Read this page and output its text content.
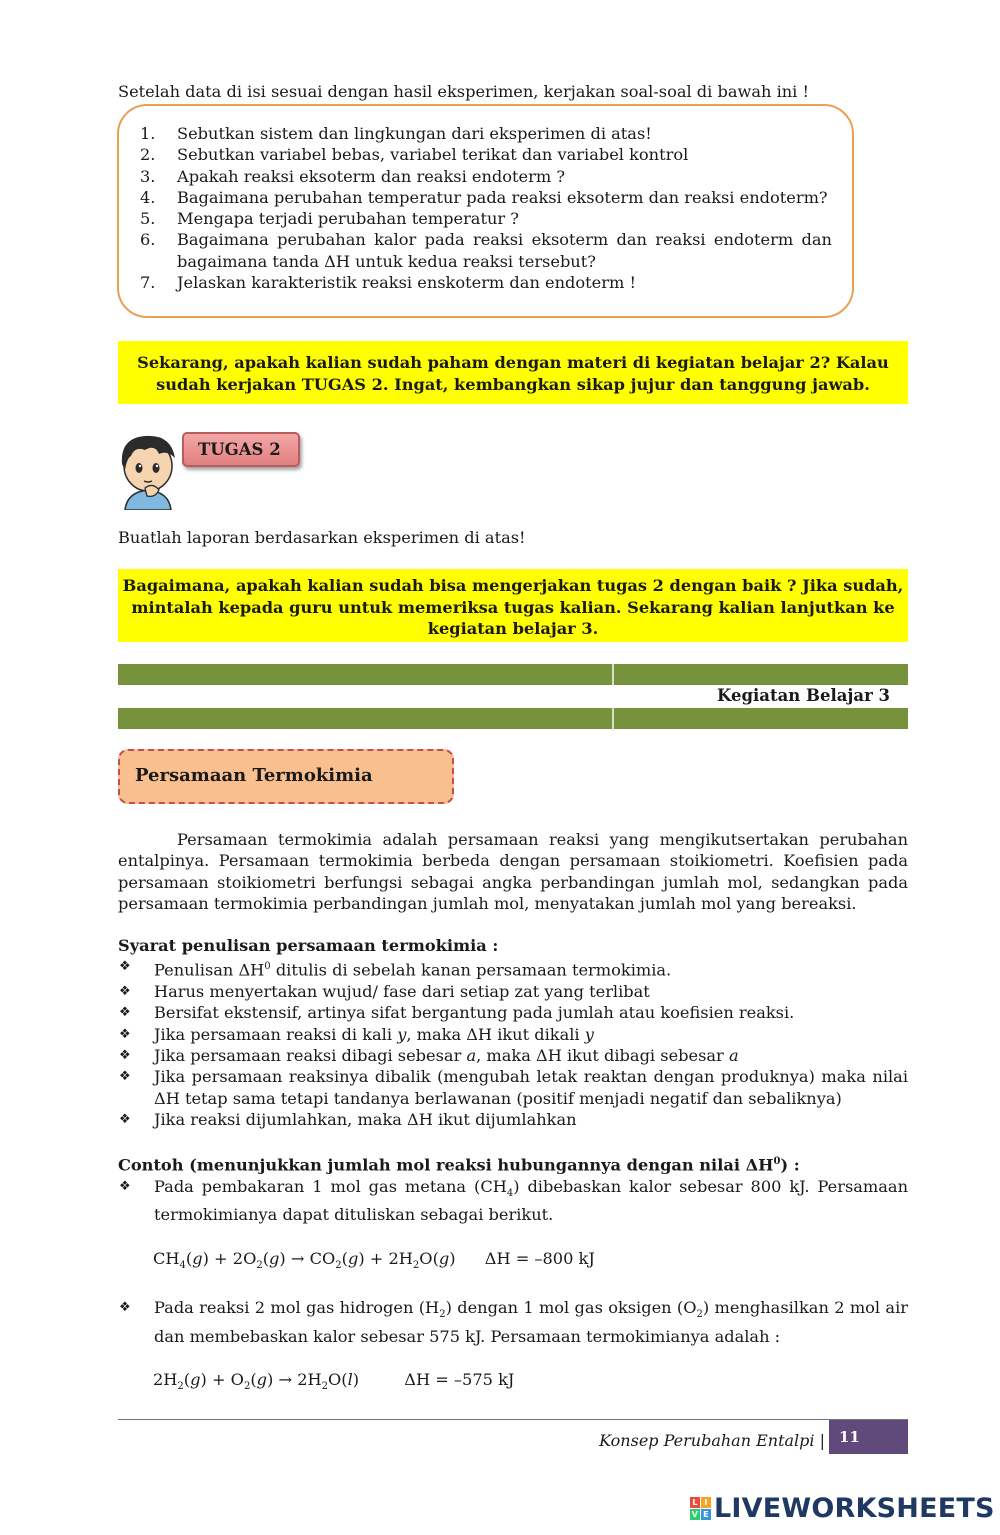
Setelah data di isi sesuai dengan hasil eksperimen, kerjakan soal-soal di bawah ini !
1.	Sebutkan sistem dan lingkungan dari eksperimen di atas!
2.	Sebutkan variabel bebas, variabel terikat dan variabel kontrol
3.	Apakah reaksi eksoterm dan reaksi endoterm ?
4.	Bagaimana perubahan temperatur pada reaksi eksoterm dan reaksi endoterm?
5.	Mengapa terjadi perubahan temperatur ?
6.	Bagaimana perubahan kalor pada reaksi eksoterm dan reaksi endoterm dan bagaimana tanda ΔH untuk kedua reaksi tersebut?
7.	Jelaskan karakteristik reaksi enskoterm dan endoterm !
Sekarang, apakah kalian sudah paham dengan materi di kegiatan belajar 2? Kalau sudah kerjakan TUGAS 2. Ingat, kembangkan sikap jujur dan tanggung jawab.
TUGAS 2
Buatlah laporan berdasarkan eksperimen di atas!
Bagaimana, apakah kalian sudah bisa mengerjakan tugas 2 dengan baik ? Jika sudah, mintalah kepada guru untuk memeriksa tugas kalian. Sekarang kalian lanjutkan ke kegiatan belajar 3.
Kegiatan Belajar 3
Persamaan Termokimia
Persamaan termokimia adalah persamaan reaksi yang mengikutsertakan perubahan entalpinya. Persamaan termokimia berbeda dengan persamaan stoikiometri. Koefisien pada persamaan stoikiometri berfungsi sebagai angka perbandingan jumlah mol, sedangkan pada persamaan termokimia perbandingan jumlah mol, menyatakan jumlah mol yang bereaksi.
Syarat penulisan persamaan termokimia :
❖	Penulisan $\Delta H^0$ ditulis di sebelah kanan persamaan termokimia.
❖	Harus menyertakan wujud/ fase dari setiap zat yang terlibat
❖	Bersifat ekstensif, artinya sifat bergantung pada jumlah atau koefisien reaksi.
❖	Jika persamaan reaksi di kali y, maka ΔH ikut dikali y
❖	Jika persamaan reaksi dibagi sebesar a, maka ΔH ikut dibagi sebesar a
❖	Jika persamaan reaksinya dibalik (mengubah letak reaktan dengan produknya) maka nilai ΔH tetap sama tetapi tandanya berlawanan (positif menjadi negatif dan sebaliknya)
❖	Jika reaksi dijumlahkan, maka ΔH ikut dijumlahkan
Contoh (menunjukkan jumlah mol reaksi hubungannya dengan nilai $\Delta H^0$) :
❖	Pada pembakaran 1 mol gas metana $(CH_4)$ dibebaskan kalor sebesar 800 kJ. Persamaan termokimianya dapat dituliskan sebagai berikut.
$CH_4(g) + 2O_2(g) \to CO_2(g) + 2H_2O(g) \Delta H = -800$ kJ
❖	Pada reaksi 2 mol gas hidrogen $(H_2)$ dengan 1 mol gas oksigen $(O_2)$ menghasilkan 2 mol air dan membebaskan kalor sebesar 575 kJ. Persamaan termokimianya adalah :
$2H_2(g) + O_2(g) \to 2H_2O(l)$	ΔH = –575 kJ
Konsep Perubahan Entalpi | 11
L I
V E LIVEWORKSHEETS
